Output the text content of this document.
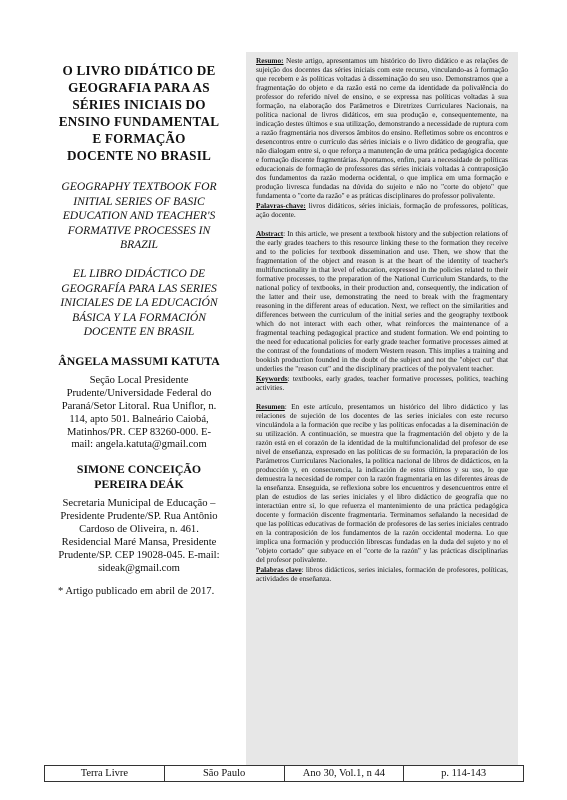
O LIVRO DIDÁTICO DE GEOGRAFIA PARA AS SÉRIES INICIAIS DO ENSINO FUNDAMENTAL E FORMAÇÃO DOCENTE NO BRASIL
GEOGRAPHY TEXTBOOK FOR INITIAL SERIES OF BASIC EDUCATION AND TEACHER'S FORMATIVE PROCESSES IN BRAZIL
EL LIBRO DIDÁCTICO DE GEOGRAFÍA PARA LAS SERIES INICIALES DE LA EDUCACIÓN BÁSICA Y LA FORMACIÓN DOCENTE EN BRASIL
ÂNGELA MASSUMI KATUTA
Seção Local Presidente Prudente/Universidade Federal do Paraná/Setor Litoral. Rua Uniflor, n. 114, apto 501. Balneário Caiobá, Matinhos/PR. CEP 83260-000. E-mail: angela.katuta@gmail.com
SIMONE CONCEIÇÃO PEREIRA DEÁK
Secretaria Municipal de Educação – Presidente Prudente/SP. Rua Antônio Cardoso de Oliveira, n. 461. Residencial Maré Mansa, Presidente Prudente/SP. CEP 19028-045. E-mail: sideak@gmail.com
* Artigo publicado em abril de 2017.

Resumo: Neste artigo, apresentamos um histórico do livro didático e as relações de sujeição dos docentes das séries iniciais com este recurso, vinculando-as à formação que recebem e às políticas voltadas à disseminação do seu uso. Demonstramos que a fragmentação do objeto e da razão está no cerne da identidade da polivalência do professor do referido nível de ensino, e se expressa nas políticas voltadas à sua formação, na elaboração dos Parâmetros e Diretrizes Curriculares Nacionais, na política nacional de livros didáticos, em sua produção e, consequentemente, na indicação destes últimos e sua utilização, demonstrando a necessidade de ruptura com a razão fragmentária nos diversos âmbitos do ensino. Refletimos sobre os encontros e desencontros entre o currículo das séries iniciais e o livro didático de geografia, que não dialogam entre si, o que reforça a manutenção de uma prática pedagógica docente e formação discente fragmentárias. Apontamos, enfim, para a necessidade de políticas educacionais de formação de professores das séries iniciais voltadas à contraposição dos fundamentos da razão moderna ocidental, o que implica em uma formação e produção livresca fundadas na dúvida do sujeito e não no "corte do objeto" que fundamenta o "corte da razão" e as práticas disciplinares do professor polivalente.

Palavras-chave: livros didáticos, séries iniciais, formação de professores, políticas, ação docente.

Abstract: In this article, we present a textbook history and the subjection relations of the early grades teachers to this resource linking these to the formation they receive and to the policies for textbook dissemination and use. Then, we show that the fragmentation of the object and reason is at the heart of the identity of teacher's multifunctionality in that level of education, expressed in the policies related to their formative processes, to the preparation of the National Curriculum Standards, to the national policy of textbooks, in their production and, consequently, the indication of the latter and their use, demonstrating the need to break with the fragmentary reasoning in the different areas of education. Next, we reflect on the similarities and differences between the curriculum of the initial series and the geography textbook which do not interact with each other, what reinforces the maintenance of a fragmental teaching pedagogical practice and student formation. We end pointing to the need for educational policies for early grade teacher formative processes aimed at the contrast of the foundations of modern Western reason. This implies a training and bookish production founded in the doubt of the subject and not the "object cut" that underlies the "reason cut" and the disciplinary practices of the polyvalent teacher.

Keywords: textbooks, early grades, teacher formative processes, politics, teaching activities.

Resumen: En este artículo, presentamos un histórico del libro didáctico y las relaciones de sujeción de los docentes de las series iniciales con este recurso vinculándola a la formación que recibe y las políticas enfocadas a la diseminación de su utilización. A continuación, se muestra que la fragmentación del objeto y de la razón está en el corazón de la identidad de la multifuncionalidad del profesor de ese nivel de enseñanza, expresado en las políticas de su formación, la preparación de los Parámetros Curriculares Nacionales, la política nacional de libros de didácticos, en la producción y, en consecuencia, la indicación de estos últimos y su uso, lo que demuestra la necesidad de romper con la razón fragmentaria en las diferentes áreas de la enseñanza. Enseguida, se reflexiona sobre los encuentros y desencuentros entre el plan de estudios de las series iniciales y el libro didáctico de geografía que no interactúan entre sí, lo que refuerza el mantenimiento de una práctica pedagógica docente y formación discente fragmentaria. Terminamos señalando la necesidad de que las políticas educativas de formación de profesores de las series iniciales centrado en la contraposición de los fundamentos de la razón occidental moderna. Lo que implica una formación y producción librescas fundadas en la duda del sujeto y no el "objeto cortado" que subyace en el "corte de la razón" y las prácticas disciplinarias del profesor polivalente.

Palabras clave: libros didácticos, series iniciales, formación de profesores, políticas, actividades de enseñanza.

Terra Livre	São Paulo	Ano 30, Vol.1, n 44	p. 114-143
